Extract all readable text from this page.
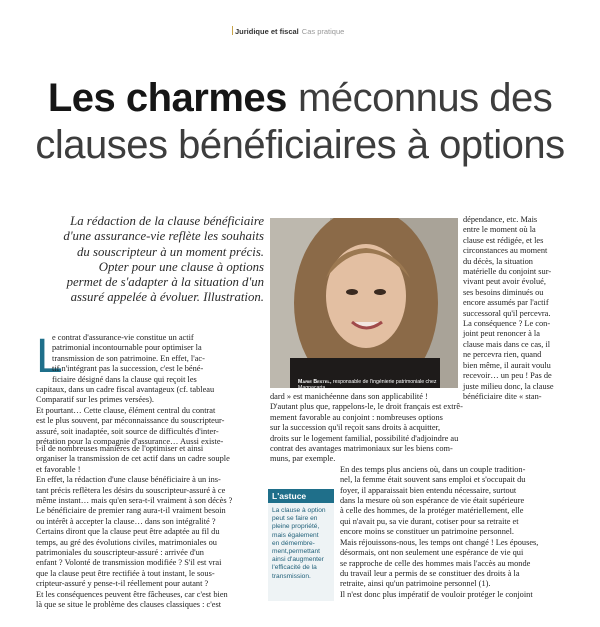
Juridique et fiscal Cas pratique
Les charmes méconnus des
clauses bénéficiaires à options

La rédaction de la clause bénéficiaire

d'une assurance-vie reflète les souhaits

du souscripteur à un moment précis.

Opter pour une clause à options

permet de s'adapter à la situation d'un

assuré appelée à évoluer. Illustration.

Marie Bestel, responsable de l'ingénierie patrimoniale chez Magnacarta.
L

e contrat d'assurance-vie constitue un actif

patrimonial incontournable pour optimiser la

transmission de son patrimoine. En effet, l'ac-

tif n'intégrant pas la succession, c'est le béné-

ficiaire désigné dans la clause qui reçoit les

capitaux, dans un cadre fiscal avantageux (cf. tableau

Comparatif sur les primes versées).

Et pourtant… Cette clause, élément central du contrat

est le plus souvent, par méconnaissance du souscripteur-

assuré, soit inadaptée, soit source de difficultés d'inter-

prétation pour la compagnie d'assurance… Aussi existe-

t-il de nombreuses manières de l'optimiser et ainsi

organiser la transmission de cet actif dans un cadre souple

et favorable !

En effet, la rédaction d'une clause bénéficiaire à un ins-

tant précis reflètera les désirs du souscripteur-assuré à ce

même instant… mais qu'en sera-t-il vraiment à son décès ?

Le bénéficiaire de premier rang aura-t-il vraiment besoin

ou intérêt à accepter la clause… dans son intégralité ?

Certains diront que la clause peut être adaptée au fil du

temps, au gré des évolutions civiles, matrimoniales ou

patrimoniales du souscripteur-assuré : arrivée d'un

enfant ? Volonté de transmission modifiée ? S'il est vrai

que la clause peut être rectifiée à tout instant, le sous-

cripteur-assuré y pense-t-il réellement pour autant ?

Et les conséquences peuvent être fâcheuses, car c'est bien

là que se situe le problème des clauses classiques : c'est

dépendance, etc. Mais

entre le moment où la

clause est rédigée, et les

circonstances au moment

du décès, la situation

matérielle du conjoint sur-

vivant peut avoir évolué,

ses besoins diminués ou

encore assumés par l'actif

successoral qu'il percevra.

La conséquence ? Le con-

joint peut renoncer à la

clause mais dans ce cas, il

ne percevra rien, quand

bien même, il aurait voulu

recevoir… un peu ! Pas de

juste milieu donc, la clause

bénéficiaire dite « stan-

dard » est manichéenne dans son applicabilité !

D'autant plus que, rappelons-le, le droit français est extrê-

mement favorable au conjoint : nombreuses options

sur la succession qu'il reçoit sans droits à acquitter,

droits sur le logement familial, possibilité d'adjoindre au

contrat des avantages matrimoniaux sur les biens com-

muns, par exemple.

En des temps plus anciens où, dans un couple tradition-

nel, la femme était souvent sans emploi et s'occupait du

foyer, il apparaissait bien entendu nécessaire, surtout

dans la mesure où son espérance de vie était supérieure

à celle des hommes, de la protéger matériellement, elle

qui n'avait pu, sa vie durant, cotiser pour sa retraite et

encore moins se constituer un patrimoine personnel.

Mais réjouissons-nous, les temps ont changé ! Les épouses,

désormais, ont non seulement une espérance de vie qui

se rapproche de celle des hommes mais l'accès au monde

du travail leur a permis de se constituer des droits à la

retraite, ainsi qu'un patrimoine personnel (1).

Il n'est donc plus impératif de vouloir protéger le conjoint

L'astuce
La clause à option
peut se faire en
pleine propriété,
mais également
en démembre-
ment,permettant
ainsi d'augmenter
l'efficacité de la
transmission.
